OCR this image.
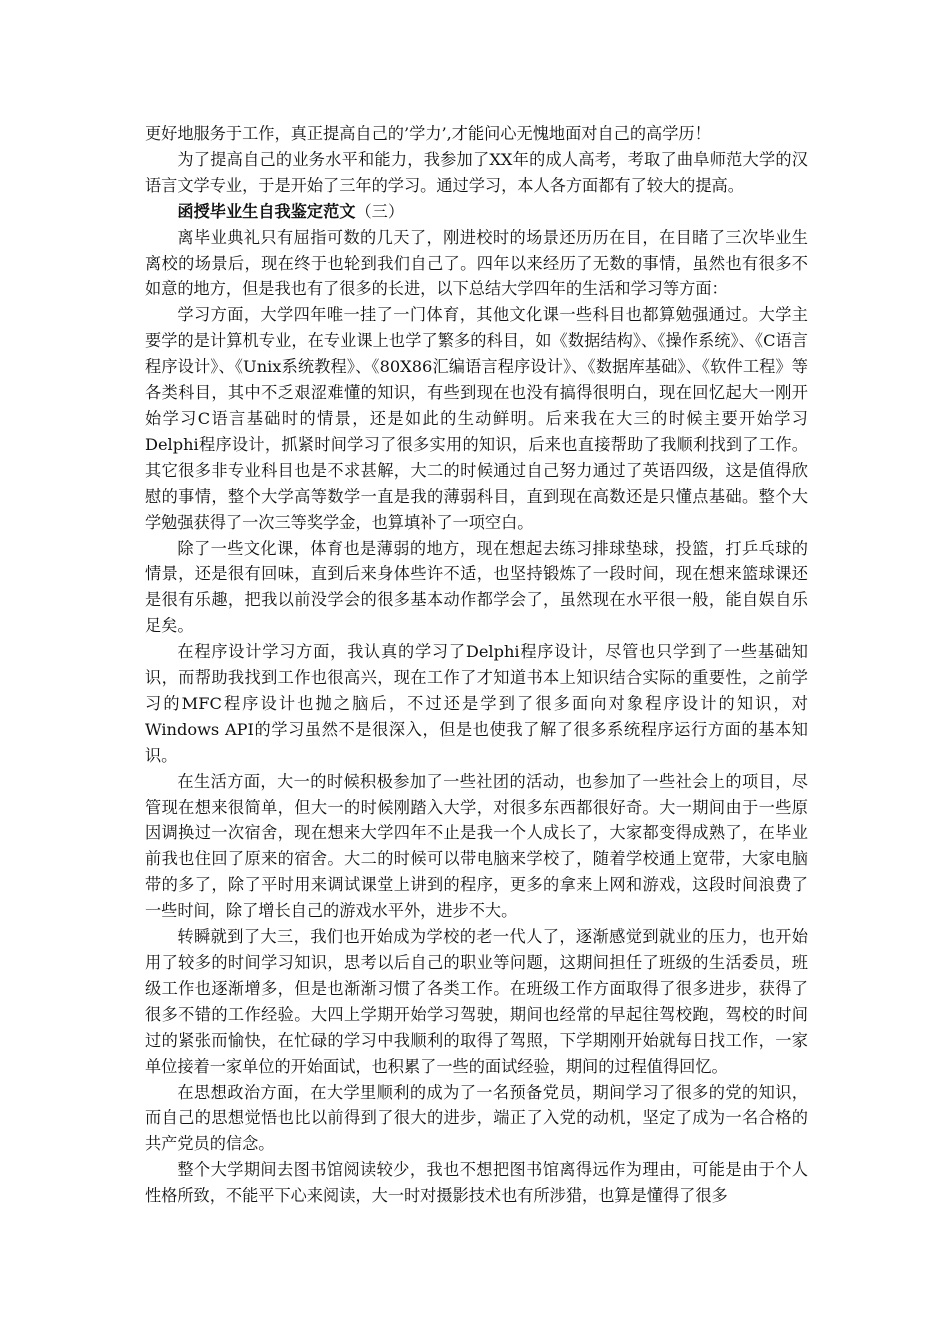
更好地服务于工作，真正提高自己的’学力’,才能问心无愧地面对自己的高学历！

为了提高自己的业务水平和能力，我参加了XX年的成人高考，考取了曲阜师范大学的汉语言文学专业，于是开始了三年的学习。通过学习，本人各方面都有了较大的提高。

函授毕业生自我鉴定范文（三）

离毕业典礼只有屈指可数的几天了，刚进校时的场景还历历在目，在目睹了三次毕业生离校的场景后，现在终于也轮到我们自己了。四年以来经历了无数的事情，虽然也有很多不如意的地方，但是我也有了很多的长进，以下总结大学四年的生活和学习等方面：

学习方面，大学四年唯一挂了一门体育，其他文化课一些科目也都算勉强通过。大学主要学的是计算机专业，在专业课上也学了繁多的科目，如《数据结构》、《操作系统》、《C语言程序设计》、《Unix系统教程》、《80X86汇编语言程序设计》、《数据库基础》、《软件工程》等各类科目，其中不乏艰涩难懂的知识，有些到现在也没有搞得很明白，现在回忆起大一刚开始学习C语言基础时的情景，还是如此的生动鲜明。后来我在大三的时候主要开始学习Delphi程序设计，抓紧时间学习了很多实用的知识，后来也直接帮助了我顺利找到了工作。其它很多非专业科目也是不求甚解，大二的时候通过自己努力通过了英语四级，这是值得欣慰的事情，整个大学高等数学一直是我的薄弱科目，直到现在高数还是只懂点基础。整个大学勉强获得了一次三等奖学金，也算填补了一项空白。

除了一些文化课，体育也是薄弱的地方，现在想起去练习排球垫球，投篮，打乒乓球的情景，还是很有回味，直到后来身体些许不适，也坚持锻炼了一段时间，现在想来篮球课还是很有乐趣，把我以前没学会的很多基本动作都学会了，虽然现在水平很一般，能自娱自乐足矣。

在程序设计学习方面，我认真的学习了Delphi程序设计，尽管也只学到了一些基础知识，而帮助我找到工作也很高兴，现在工作了才知道书本上知识结合实际的重要性，之前学习的MFC程序设计也抛之脑后，不过还是学到了很多面向对象程序设计的知识，对Windows API的学习虽然不是很深入，但是也使我了解了很多系统程序运行方面的基本知识。

在生活方面，大一的时候积极参加了一些社团的活动，也参加了一些社会上的项目，尽管现在想来很简单，但大一的时候刚踏入大学，对很多东西都很好奇。大一期间由于一些原因调换过一次宿舍，现在想来大学四年不止是我一个人成长了，大家都变得成熟了，在毕业前我也住回了原来的宿舍。大二的时候可以带电脑来学校了，随着学校通上宽带，大家电脑带的多了，除了平时用来调试课堂上讲到的程序，更多的拿来上网和游戏，这段时间浪费了一些时间，除了增长自己的游戏水平外，进步不大。

转瞬就到了大三，我们也开始成为学校的老一代人了，逐渐感觉到就业的压力，也开始用了较多的时间学习知识，思考以后自己的职业等问题，这期间担任了班级的生活委员，班级工作也逐渐增多，但是也渐渐习惯了各类工作。在班级工作方面取得了很多进步，获得了很多不错的工作经验。大四上学期开始学习驾驶，期间也经常的早起往驾校跑，驾校的时间过的紧张而愉快，在忙碌的学习中我顺利的取得了驾照，下学期刚开始就每日找工作，一家单位接着一家单位的开始面试，也积累了一些的面试经验，期间的过程值得回忆。

在思想政治方面，在大学里顺利的成为了一名预备党员，期间学习了很多的党的知识，而自己的思想觉悟也比以前得到了很大的进步，端正了入党的动机，坚定了成为一名合格的共产党员的信念。

整个大学期间去图书馆阅读较少，我也不想把图书馆离得远作为理由，可能是由于个人性格所致，不能平下心来阅读，大一时对摄影技术也有所涉猎，也算是懂得了很多
